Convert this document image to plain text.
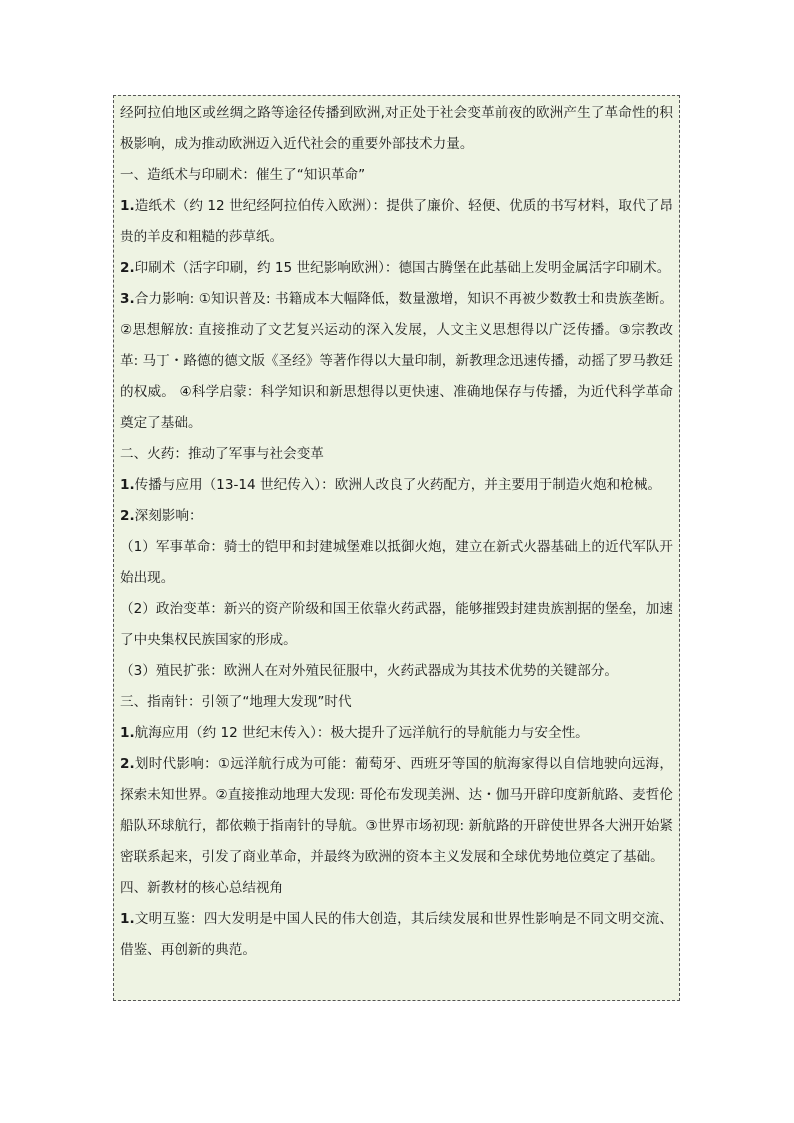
经阿拉伯地区或丝绸之路等途径传播到欧洲,对正处于社会变革前夜的欧洲产生了革命性的积极影响，成为推动欧洲迈入近代社会的重要外部技术力量。

一、造纸术与印刷术：催生了“知识革命”

1.造纸术（约 12 世纪经阿拉伯传入欧洲）：提供了廉价、轻便、优质的书写材料，取代了昂贵的羊皮和粗糙的莎草纸。

2.印刷术（活字印刷，约 15 世纪影响欧洲）：德国古腾堡在此基础上发明金属活字印刷术。

3.合力影响: ①知识普及: 书籍成本大幅降低，数量激增，知识不再被少数教士和贵族垄断。②思想解放: 直接推动了文艺复兴运动的深入发展，人文主义思想得以广泛传播。③宗教改革: 马丁・路德的德文版《圣经》等著作得以大量印制，新教理念迅速传播，动摇了罗马教廷的权威。 ④科学启蒙：科学知识和新思想得以更快速、准确地保存与传播，为近代科学革命奠定了基础。

二、火药：推动了军事与社会变革

1.传播与应用（13-14 世纪传入）：欧洲人改良了火药配方，并主要用于制造火炮和枪械。

2.深刻影响：

（1）军事革命：骑士的铠甲和封建城堡难以抵御火炮，建立在新式火器基础上的近代军队开始出现。

（2）政治变革：新兴的资产阶级和国王依靠火药武器，能够摧毁封建贵族割据的堡垒，加速了中央集权民族国家的形成。

（3）殖民扩张：欧洲人在对外殖民征服中，火药武器成为其技术优势的关键部分。

三、指南针：引领了“地理大发现”时代

1.航海应用（约 12 世纪末传入）：极大提升了远洋航行的导航能力与安全性。

2.划时代影响：①远洋航行成为可能：葡萄牙、西班牙等国的航海家得以自信地驶向远海，探索未知世界。②直接推动地理大发现: 哥伦布发现美洲、达・伽马开辟印度新航路、麦哲伦船队环球航行，都依赖于指南针的导航。③世界市场初现: 新航路的开辟使世界各大洲开始紧密联系起来，引发了商业革命，并最终为欧洲的资本主义发展和全球优势地位奠定了基础。

四、新教材的核心总结视角

1.文明互鉴：四大发明是中国人民的伟大创造，其后续发展和世界性影响是不同文明交流、借鉴、再创新的典范。
